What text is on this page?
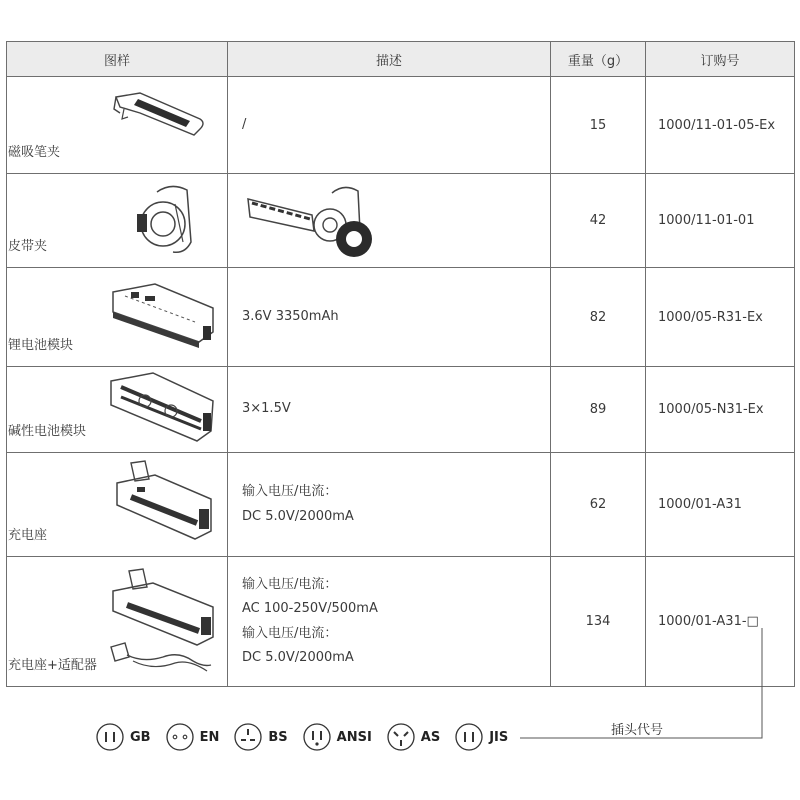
图样	描述	重量（g）	订购号

磁吸笔夹	/	15	1000/11-01-05-Ex

皮带夹		42	1000/11-01-01

锂电池模块	3.6V 3350mAh	82	1000/05-R31-Ex

碱性电池模块	3×1.5V	89	1000/05-N31-Ex

充电座	输入电压/电流：
DC 5.0V/2000mA	62	1000/01-A31

充电座+适配器	输入电压/电流：
AC 100-250V/500mA
输入电压/电流：
DC 5.0V/2000mA	134	1000/01-A31-□
GB	EN	BS	ANSI	AS	JIS	插头代号
